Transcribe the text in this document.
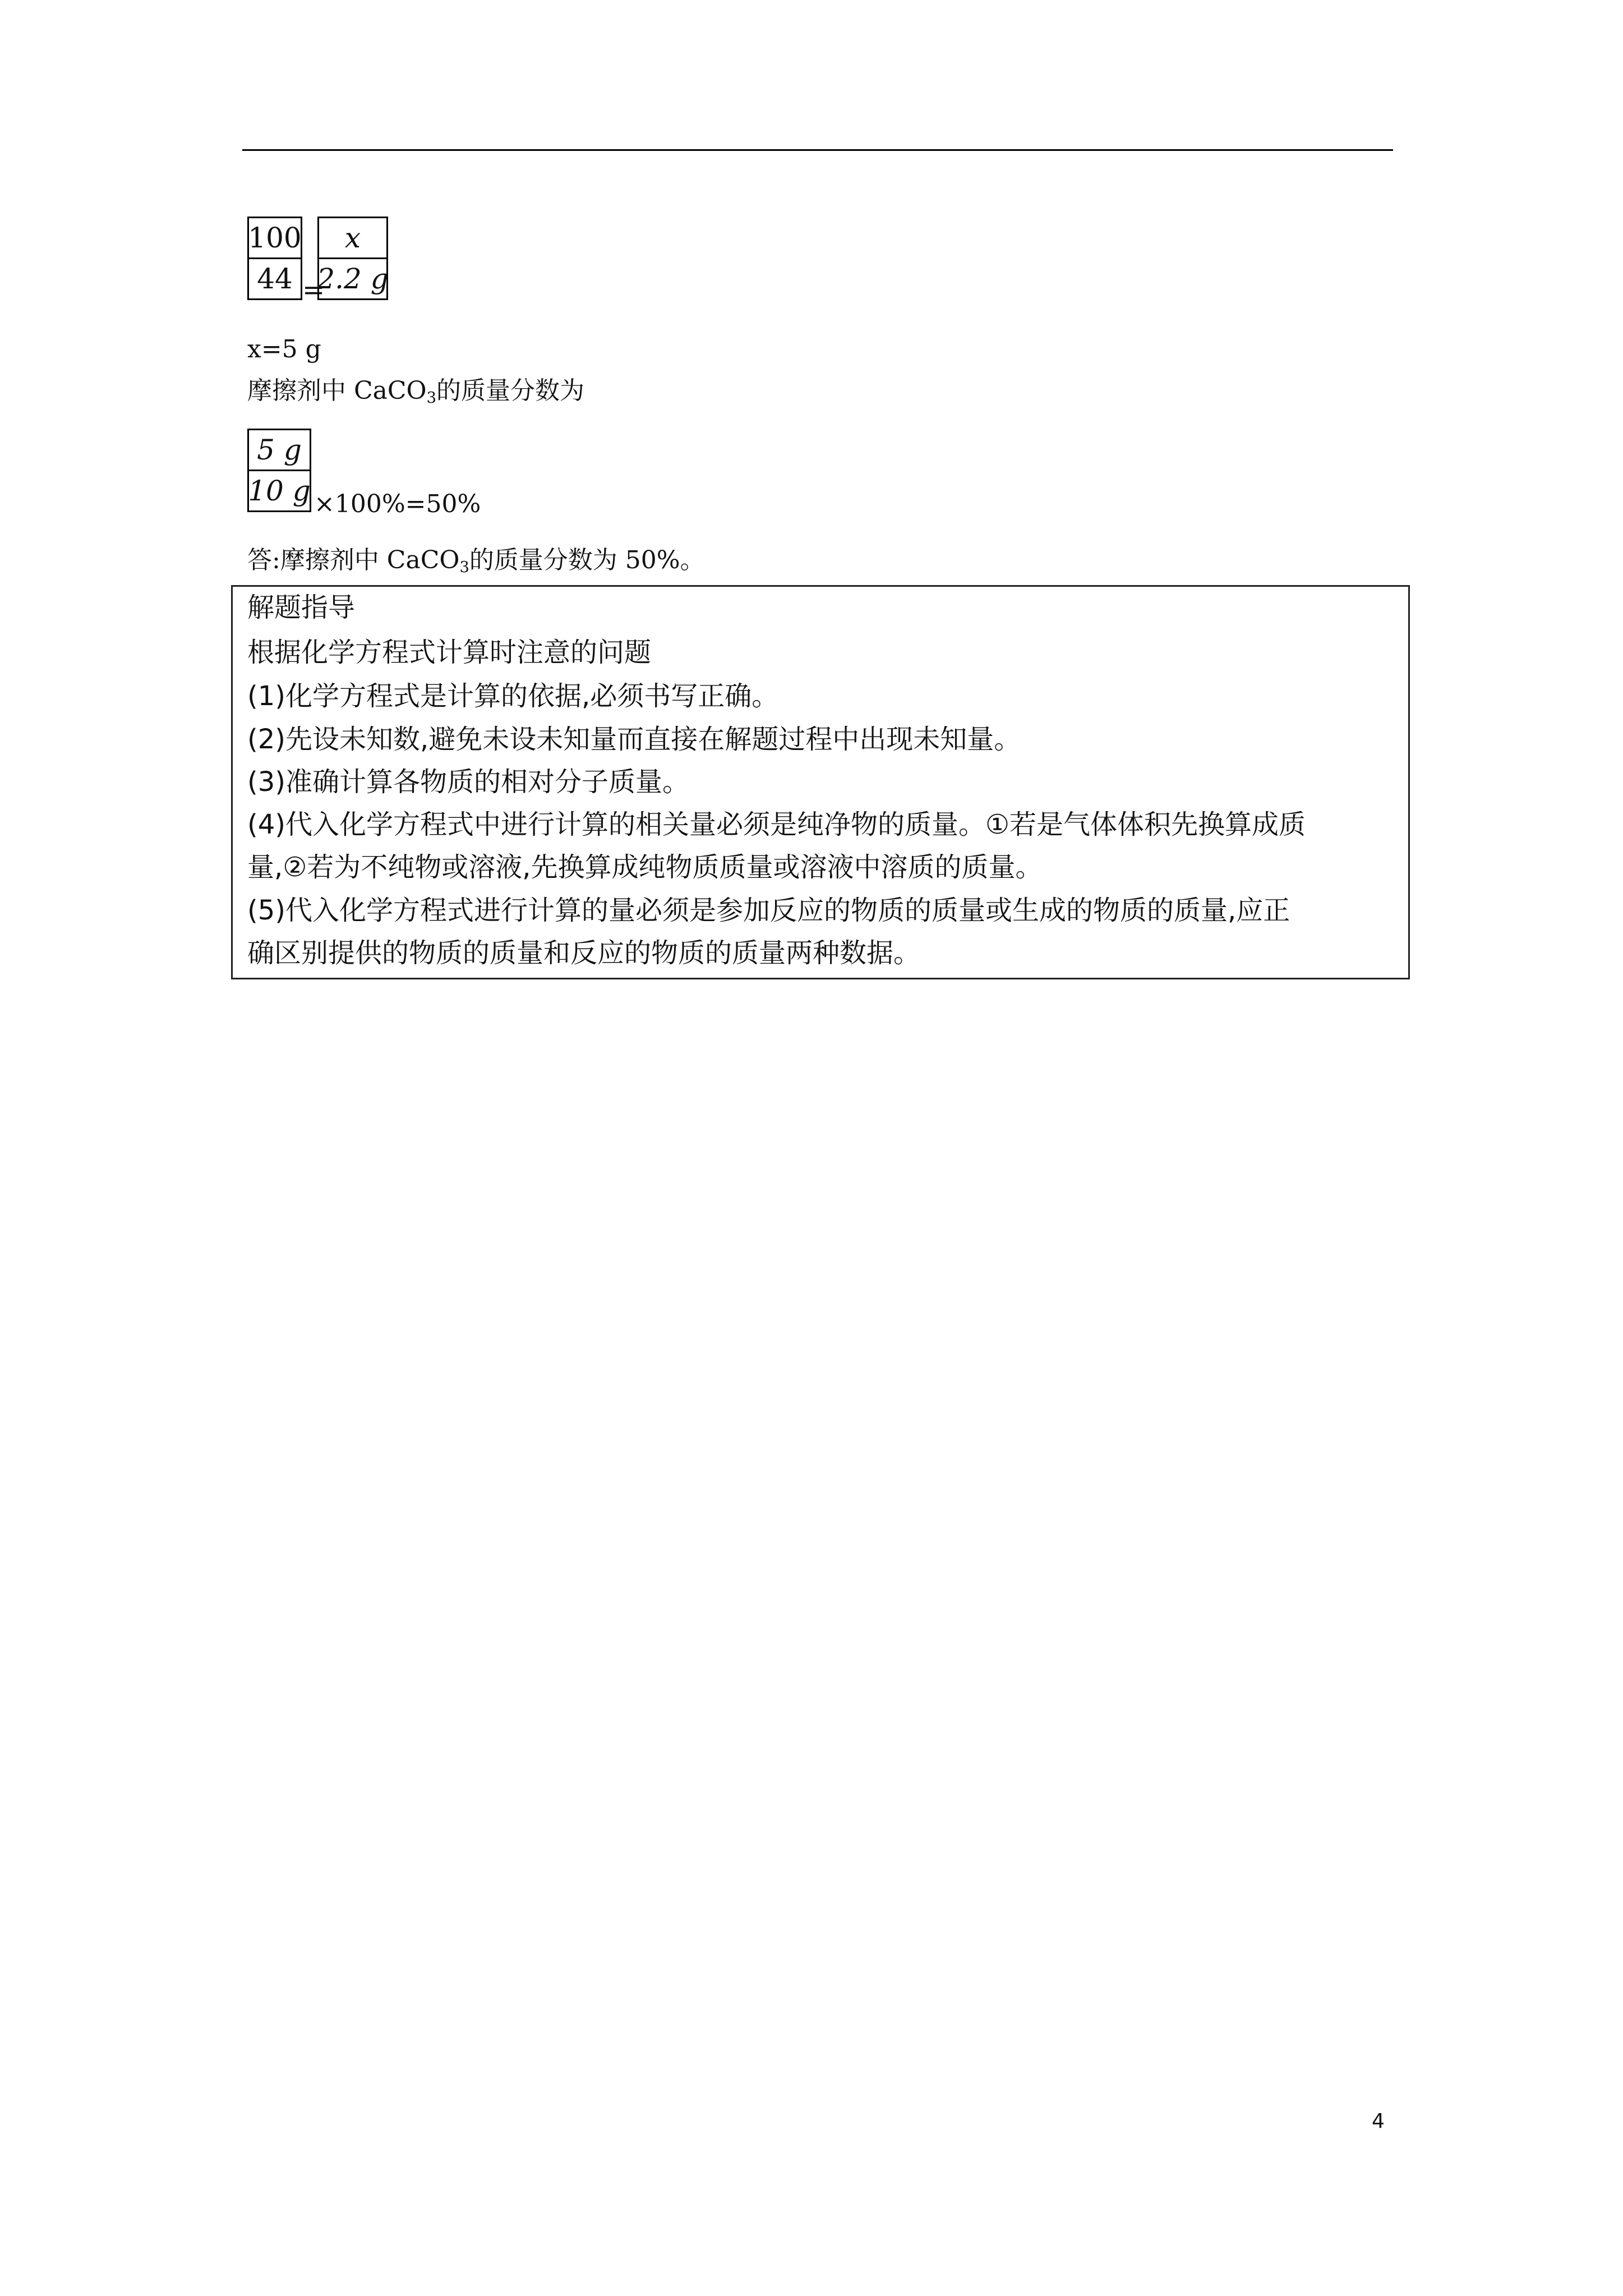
100
44 =
x
2.2 g
x=5 g
摩擦剂中 CaCO$_3$的质量分数为
5 g
10 g ×100%=50%
答:摩擦剂中 CaCO$_3$的质量分数为 50%。
解题指导
根据化学方程式计算时注意的问题
(1)化学方程式是计算的依据,必须书写正确。
(2)先设未知数,避免未设未知量而直接在解题过程中出现未知量。
(3)准确计算各物质的相对分子质量。
(4)代入化学方程式中进行计算的相关量必须是纯净物的质量。①若是气体体积先换算成质
量,②若为不纯物或溶液,先换算成纯物质质量或溶液中溶质的质量。
(5)代入化学方程式进行计算的量必须是参加反应的物质的质量或生成的物质的质量,应正
确区别提供的物质的质量和反应的物质的质量两种数据。
4
